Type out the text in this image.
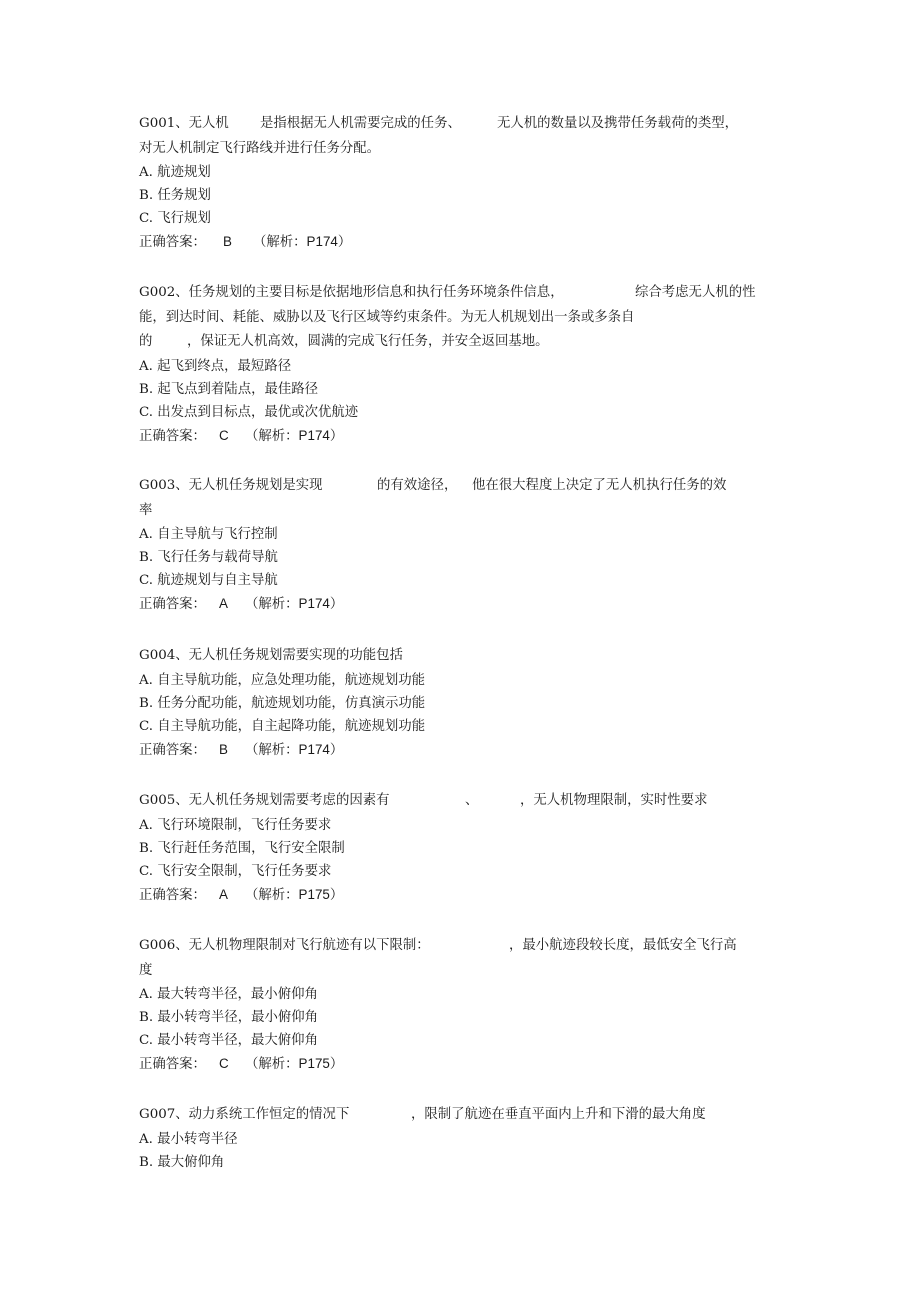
G001、无人机 是指根据无人机需要完成的任务、	无人机的数量以及携带任务载荷的类型，
对无人机制定飞行路线并进行任务分配。
A. 航迹规划
B. 任务规划
C. 飞行规划
正确答案： B （解析：P174）
G002、任务规划的主要目标是依据地形信息和执行任务环境条件信息，	综合考虑无人机的性
能，到达时间、耗能、威胁以及飞行区域等约束条件。为无人机规划出一条或多条自
的	，保证无人机高效，圆满的完成飞行任务，并安全返回基地。
A. 起飞到终点，最短路径
B. 起飞点到着陆点，最佳路径
C. 出发点到目标点，最优或次优航迹
正确答案： C （解析：P174）
G003、无人机任务规划是实现	的有效途径， 他在很大程度上决定了无人机执行任务的效
率
A. 自主导航与飞行控制
B. 飞行任务与载荷导航
C. 航迹规划与自主导航
正确答案： A （解析：P174）
G004、无人机任务规划需要实现的功能包括
A. 自主导航功能，应急处理功能，航迹规划功能
B. 任务分配功能，航迹规划功能，仿真演示功能
C. 自主导航功能，自主起降功能，航迹规划功能
正确答案： B （解析：P174）
G005、无人机任务规划需要考虑的因素有	、	，无人机物理限制，实时性要求
A. 飞行环境限制，飞行任务要求
B. 飞行赶任务范围，飞行安全限制
C. 飞行安全限制，飞行任务要求
正确答案： A （解析：P175）
G006、无人机物理限制对飞行航迹有以下限制：	，最小航迹段较长度，最低安全飞行高
度
A. 最大转弯半径，最小俯仰角
B. 最小转弯半径，最小俯仰角
C. 最小转弯半径，最大俯仰角
正确答案： C （解析：P175）
G007、动力系统工作恒定的情况下	，限制了航迹在垂直平面内上升和下滑的最大角度
A. 最小转弯半径
B. 最大俯仰角
